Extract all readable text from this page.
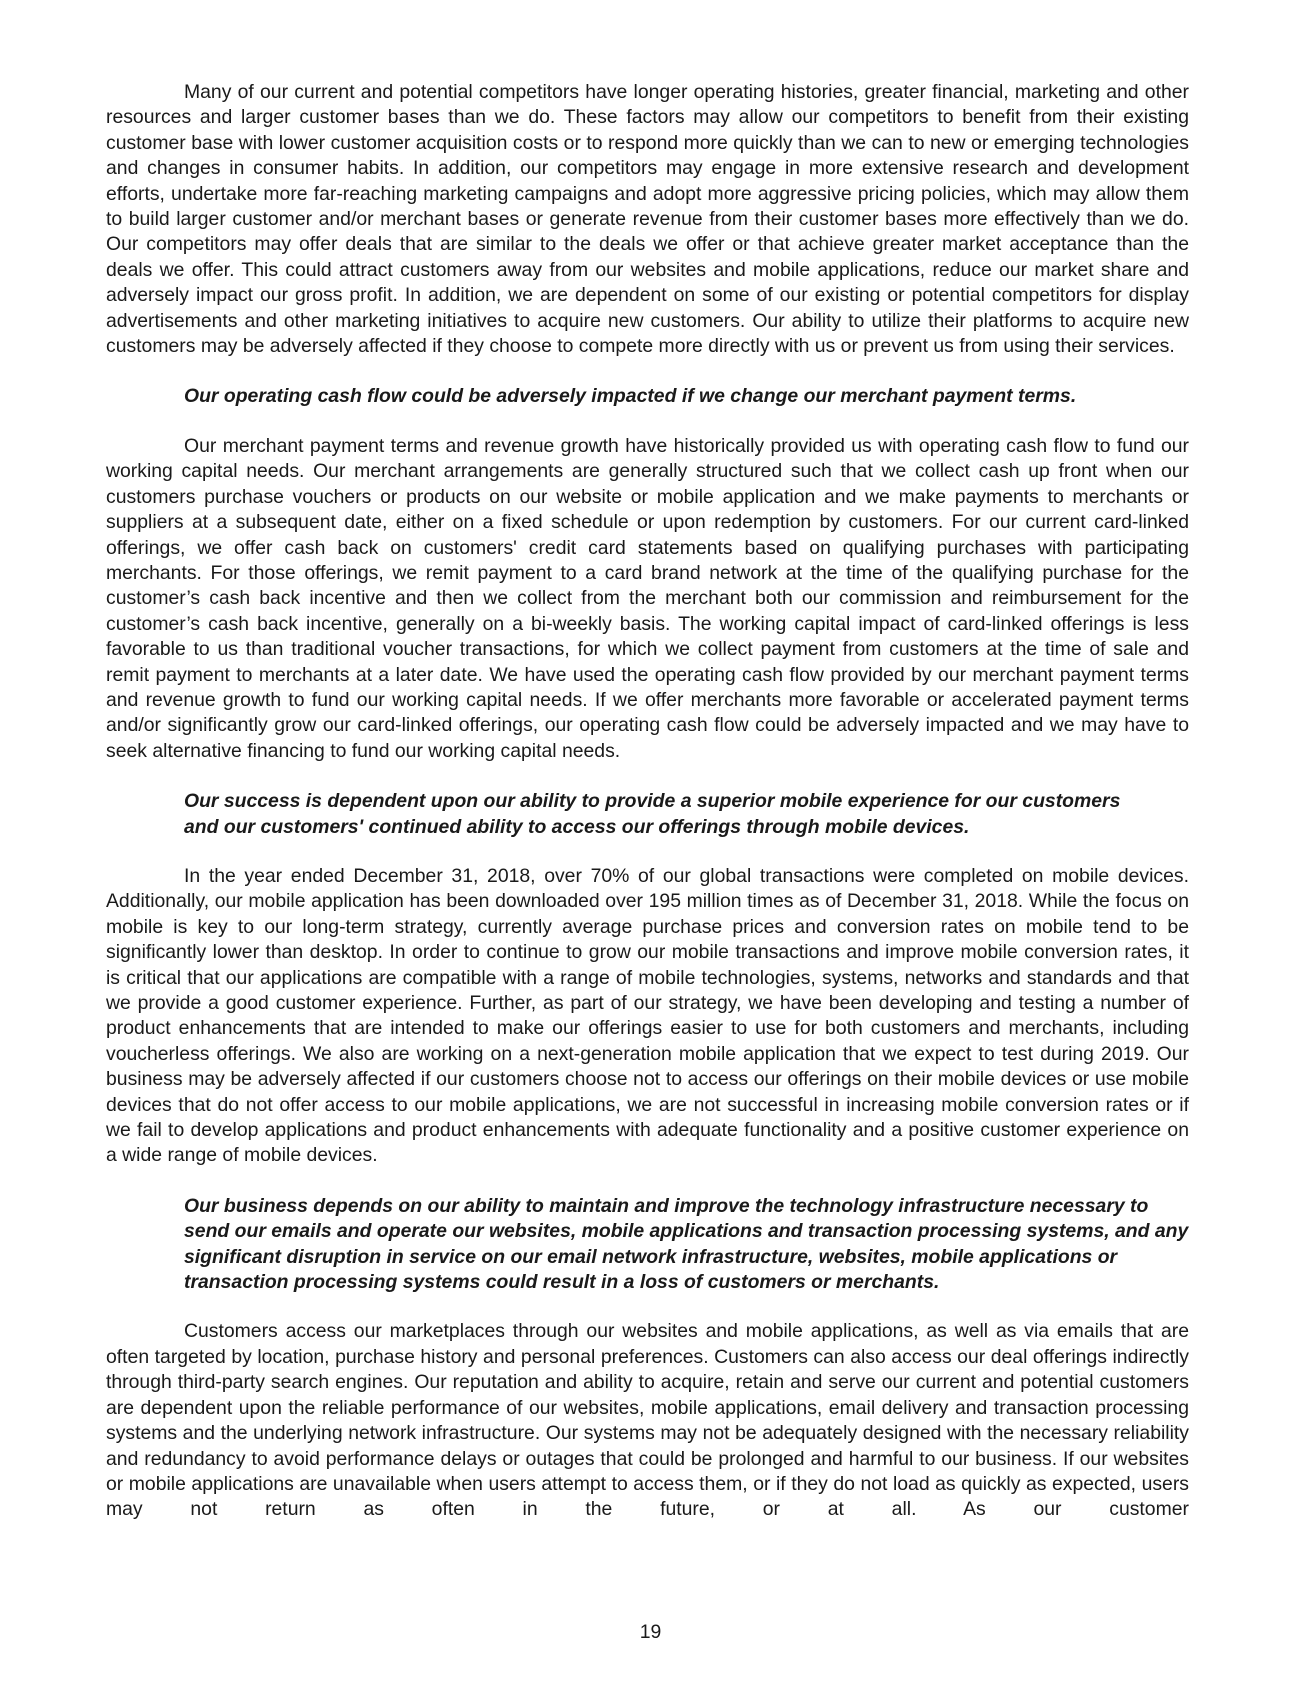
Many of our current and potential competitors have longer operating histories, greater financial, marketing and other resources and larger customer bases than we do. These factors may allow our competitors to benefit from their existing customer base with lower customer acquisition costs or to respond more quickly than we can to new or emerging technologies and changes in consumer habits. In addition, our competitors may engage in more extensive research and development efforts, undertake more far-reaching marketing campaigns and adopt more aggressive pricing policies, which may allow them to build larger customer and/or merchant bases or generate revenue from their customer bases more effectively than we do. Our competitors may offer deals that are similar to the deals we offer or that achieve greater market acceptance than the deals we offer. This could attract customers away from our websites and mobile applications, reduce our market share and adversely impact our gross profit. In addition, we are dependent on some of our existing or potential competitors for display advertisements and other marketing initiatives to acquire new customers. Our ability to utilize their platforms to acquire new customers may be adversely affected if they choose to compete more directly with us or prevent us from using their services.

Our operating cash flow could be adversely impacted if we change our merchant payment terms.

Our merchant payment terms and revenue growth have historically provided us with operating cash flow to fund our working capital needs. Our merchant arrangements are generally structured such that we collect cash up front when our customers purchase vouchers or products on our website or mobile application and we make payments to merchants or suppliers at a subsequent date, either on a fixed schedule or upon redemption by customers. For our current card-linked offerings, we offer cash back on customers' credit card statements based on qualifying purchases with participating merchants. For those offerings, we remit payment to a card brand network at the time of the qualifying purchase for the customer’s cash back incentive and then we collect from the merchant both our commission and reimbursement for the customer’s cash back incentive, generally on a bi-weekly basis. The working capital impact of card-linked offerings is less favorable to us than traditional voucher transactions, for which we collect payment from customers at the time of sale and remit payment to merchants at a later date. We have used the operating cash flow provided by our merchant payment terms and revenue growth to fund our working capital needs. If we offer merchants more favorable or accelerated payment terms and/or significantly grow our card-linked offerings, our operating cash flow could be adversely impacted and we may have to seek alternative financing to fund our working capital needs.

Our success is dependent upon our ability to provide a superior mobile experience for our customers and our customers' continued ability to access our offerings through mobile devices.

In the year ended December 31, 2018, over 70% of our global transactions were completed on mobile devices. Additionally, our mobile application has been downloaded over 195 million times as of December 31, 2018. While the focus on mobile is key to our long-term strategy, currently average purchase prices and conversion rates on mobile tend to be significantly lower than desktop. In order to continue to grow our mobile transactions and improve mobile conversion rates, it is critical that our applications are compatible with a range of mobile technologies, systems, networks and standards and that we provide a good customer experience. Further, as part of our strategy, we have been developing and testing a number of product enhancements that are intended to make our offerings easier to use for both customers and merchants, including voucherless offerings. We also are working on a next-generation mobile application that we expect to test during 2019. Our business may be adversely affected if our customers choose not to access our offerings on their mobile devices or use mobile devices that do not offer access to our mobile applications, we are not successful in increasing mobile conversion rates or if we fail to develop applications and product enhancements with adequate functionality and a positive customer experience on a wide range of mobile devices.

Our business depends on our ability to maintain and improve the technology infrastructure necessary to send our emails and operate our websites, mobile applications and transaction processing systems, and any significant disruption in service on our email network infrastructure, websites, mobile applications or transaction processing systems could result in a loss of customers or merchants.

Customers access our marketplaces through our websites and mobile applications, as well as via emails that are often targeted by location, purchase history and personal preferences. Customers can also access our deal offerings indirectly through third-party search engines. Our reputation and ability to acquire, retain and serve our current and potential customers are dependent upon the reliable performance of our websites, mobile applications, email delivery and transaction processing systems and the underlying network infrastructure. Our systems may not be adequately designed with the necessary reliability and redundancy to avoid performance delays or outages that could be prolonged and harmful to our business. If our websites or mobile applications are unavailable when users attempt to access them, or if they do not load as quickly as expected, users may not return as often in the future, or at all. As our customer

19
